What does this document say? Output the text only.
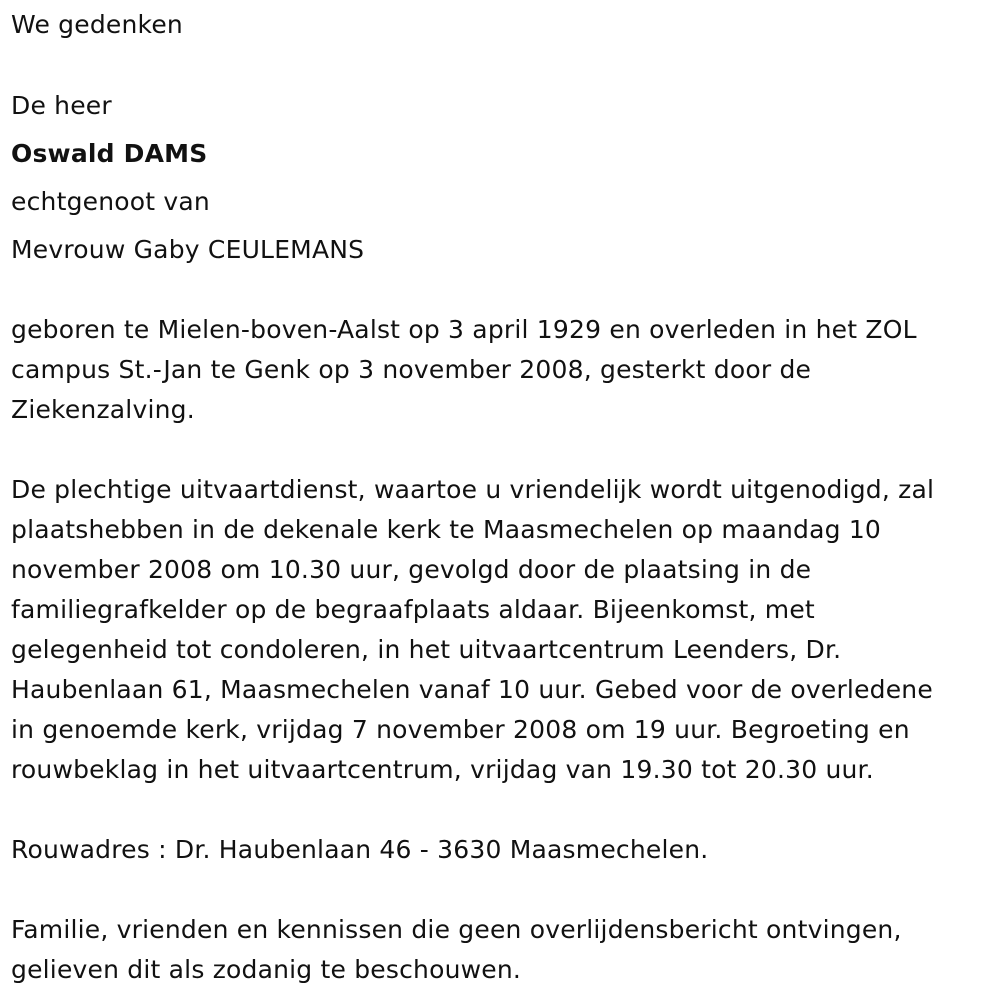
We gedenken
De heer
Oswald DAMS
echtgenoot van
Mevrouw Gaby CEULEMANS
geboren te Mielen-boven-Aalst op 3 april 1929 en overleden in het ZOL
campus St.-Jan te Genk op 3 november 2008, gesterkt door de
Ziekenzalving.
De plechtige uitvaartdienst, waartoe u vriendelijk wordt uitgenodigd, zal
plaatshebben in de dekenale kerk te Maasmechelen op maandag 10
november 2008 om 10.30 uur, gevolgd door de plaatsing in de
familiegrafkelder op de begraafplaats aldaar. Bijeenkomst, met
gelegenheid tot condoleren, in het uitvaartcentrum Leenders, Dr.
Haubenlaan 61, Maasmechelen vanaf 10 uur. Gebed voor de overledene
in genoemde kerk, vrijdag 7 november 2008 om 19 uur. Begroeting en
rouwbeklag in het uitvaartcentrum, vrijdag van 19.30 tot 20.30 uur.
Rouwadres : Dr. Haubenlaan 46 - 3630 Maasmechelen.
Familie, vrienden en kennissen die geen overlijdensbericht ontvingen,
gelieven dit als zodanig te beschouwen.
